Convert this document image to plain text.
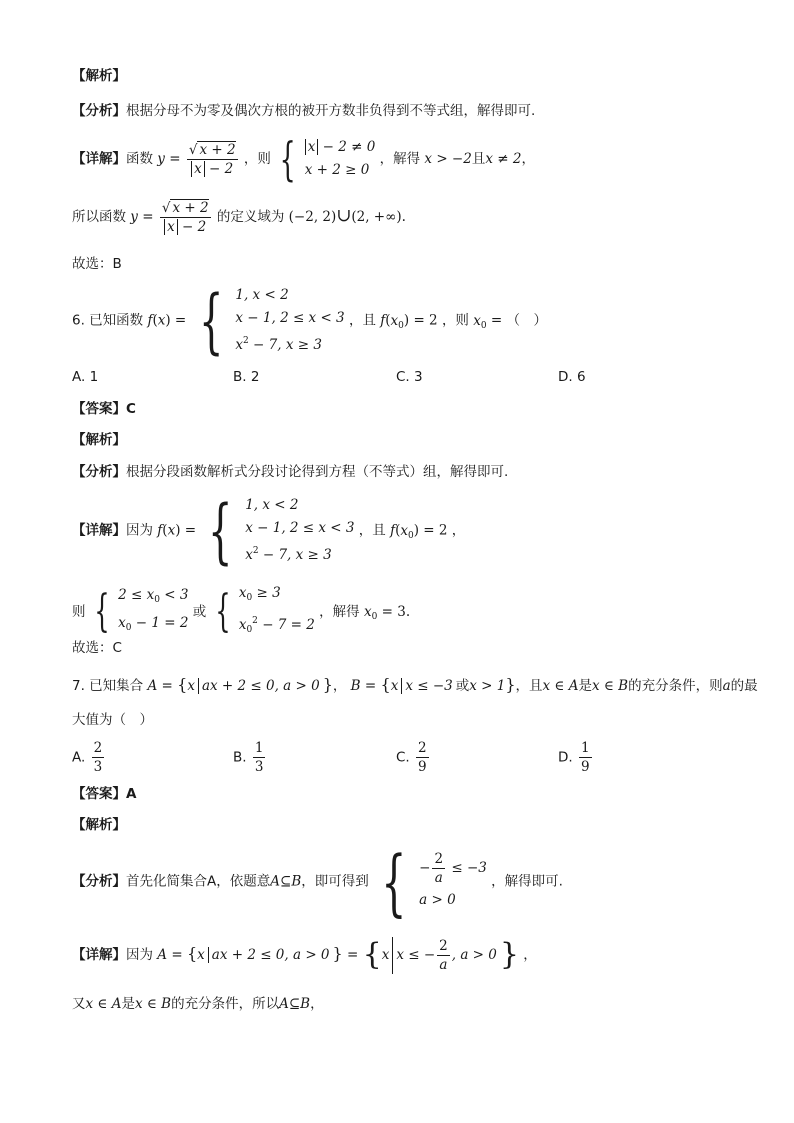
【解析】
【分析】根据分母不为零及偶次方根的被开方数非负得到不等式组，解得即可.
【详解】函数 $y = \frac{√ x + 2}{x - 2}$ ，则 { x − 2 ≠ 0
x + 2 ≥ 0
，解得 x > −2且x ≠ 2，
所以函数 $y = \frac{√ x + 2}{x - 2}$ 的定义域为 (−2, 2)∪(2, +∞).
故选：B
6. 已知函数 f(x) = { 1, x < 2
x − 1, 2 ≤ x < 3
$x^2 - 7$, x ≥ 3
，且 $f(x_0) = 2$ ，则 $x_0$ = （　）
A. 1	B. 2	C. 3	D. 6
【答案】C
【解析】
【分析】根据分段函数解析式分段讨论得到方程（不等式）组，解得即可.
【详解】因为 f(x) = { 1, x < 2
x − 1, 2 ≤ x < 3
$x^2 - 7$, x ≥ 3
，且 $f(x_0) = 2$ ，
则 { $2 \le x_0 < 3$
$x_0 - 1 = 2$
或 { $x_0 \ge 3$
$x_0^2 - 7 = 2$
，解得 $x_0 = 3$.
故选：C
7. 已知集合 A = {x ax + 2 ≤ 0, a > 0 }， B = {x x ≤ −3 或x > 1}，且x ∈ A是x ∈ B的充分条件，则a的最
大值为（　）
A. $\frac{2}{3}$	B. $\frac{1}{3}$	C. $\frac{2}{9}$	D. $\frac{1}{9}$
【答案】A
【解析】
【分析】首先化简集合A，依题意A⊆B，即可得到 { − $\frac{2}{a} \le -3$
a > 0
，解得即可.
【详解】因为 A = {x ax + 2 ≤ 0, a > 0 } = {x x ≤ − $\frac{2}{a}$ , a > 0 } ，
又x ∈ A是x ∈ B的充分条件，所以A⊆B，
